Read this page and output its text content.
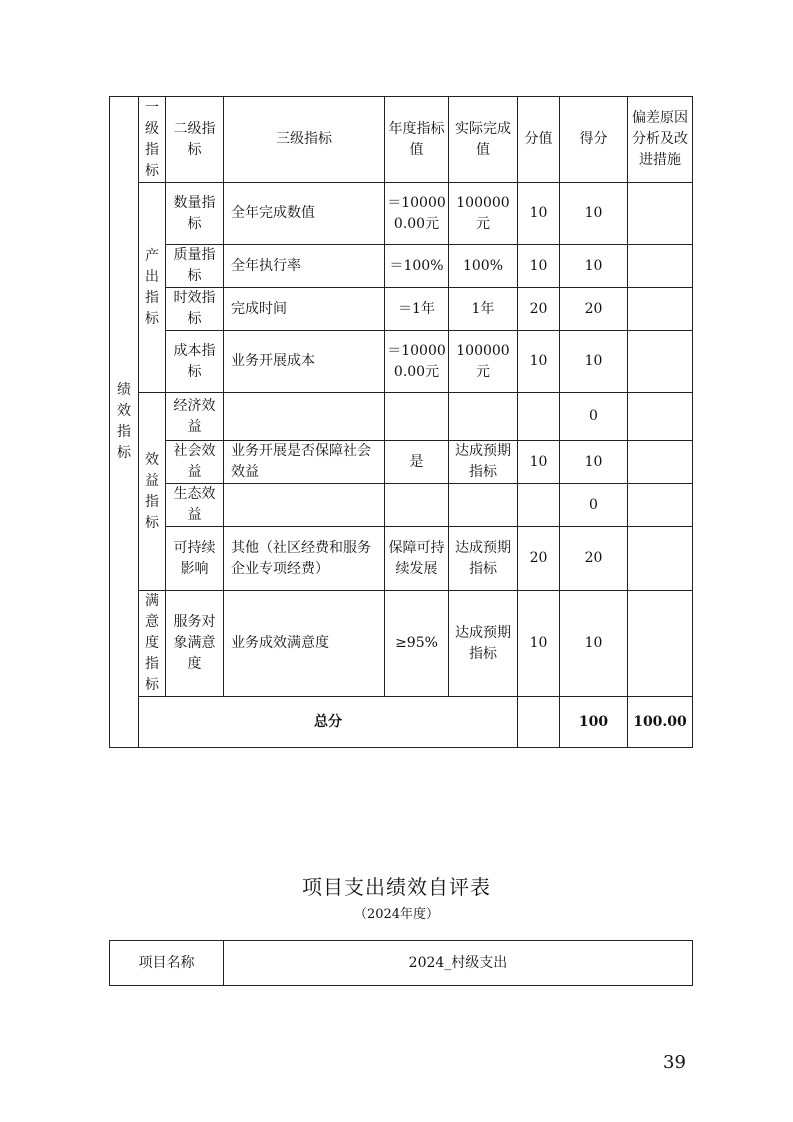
绩效指标	一级指标	二级指标	三级指标	年度指标值	实际完成值	分值	得分	偏差原因分析及改进措施	
	产出指标	数量指标	全年完成数值	＝100000.00元	100000元	10	10		
		质量指标	全年执行率	＝100%	100%	10	10		
		时效指标	完成时间	＝1年	1年	20	20		
		成本指标	业务开展成本	＝100000.00元	100000元	10	10		
	效益指标	经济效益					0		
		社会效益	业务开展是否保障社会效益	是	达成预期指标	10	10		
		生态效益					0		
		可持续影响	其他（社区经费和服务企业专项经费）	保障可持续发展	达成预期指标	20	20		
	满意度指标	服务对象满意度	业务成效满意度	≥95%	达成预期指标	10	10		
	总分						100	100.00	
项目支出绩效自评表
（2024年度）
项目名称	2024_村级支出
39
